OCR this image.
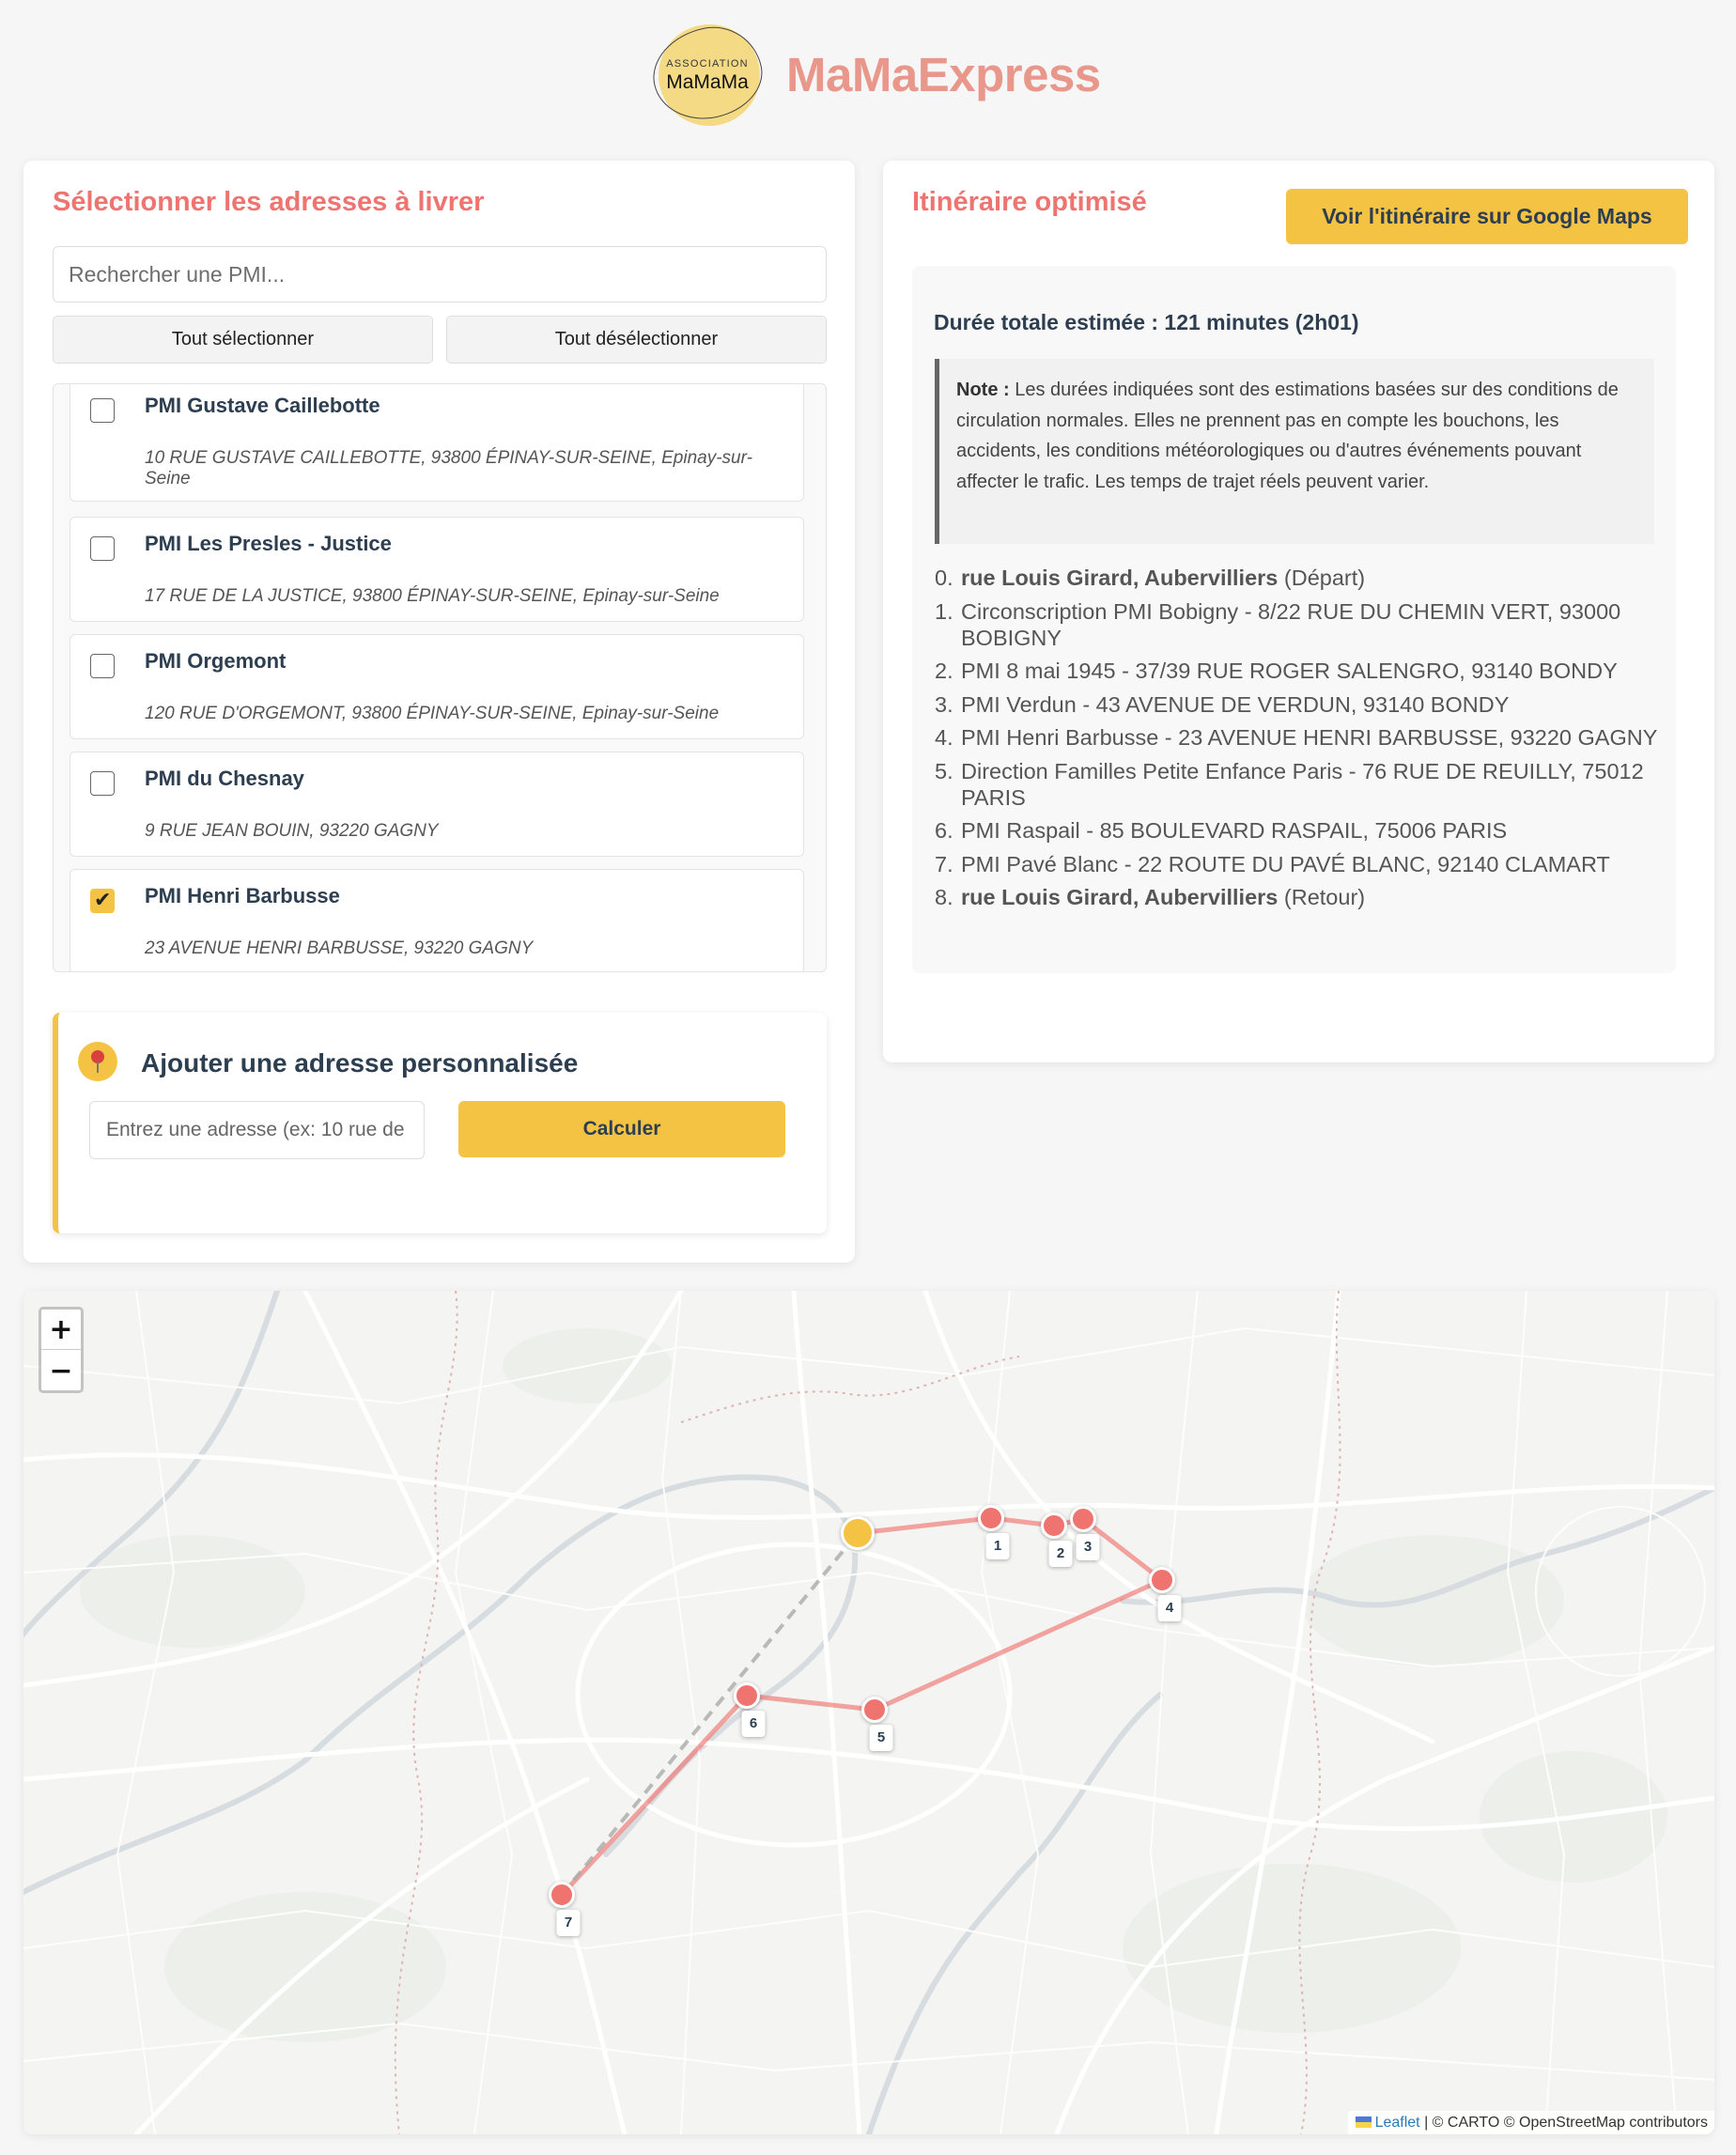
ASSOCIATION
MaMaMa MaMaExpress
Sélectionner les adresses à livrer
Rechercher une PMI...
Tout sélectionner	Tout désélectionner
PMI Gustave Caillebotte
10 RUE GUSTAVE CAILLEBOTTE, 93800 ÉPINAY-SUR-SEINE, Epinay-sur-Seine
PMI Les Presles - Justice
17 RUE DE LA JUSTICE, 93800 ÉPINAY-SUR-SEINE, Epinay-sur-Seine
PMI Orgemont
120 RUE D'ORGEMONT, 93800 ÉPINAY-SUR-SEINE, Epinay-sur-Seine
PMI du Chesnay
9 RUE JEAN BOUIN, 93220 GAGNY
✔
PMI Henri Barbusse
23 AVENUE HENRI BARBUSSE, 93220 GAGNY
Ajouter une adresse personnalisée
Entrez une adresse (ex: 10 rue de
Calculer
Itinéraire optimisé	Voir l'itinéraire sur Google Maps
Durée totale estimée : 121 minutes (2h01)
Note : Les durées indiquées sont des estimations basées sur des conditions de circulation normales. Elles ne prennent pas en compte les bouchons, les accidents, les conditions météorologiques ou d'autres événements pouvant affecter le trafic. Les temps de trajet réels peuvent varier.
0. rue Louis Girard, Aubervilliers (Départ)
1. Circonscription PMI Bobigny - 8/22 RUE DU CHEMIN VERT, 93000 BOBIGNY
2. PMI 8 mai 1945 - 37/39 RUE ROGER SALENGRO, 93140 BONDY
3. PMI Verdun - 43 AVENUE DE VERDUN, 93140 BONDY
4. PMI Henri Barbusse - 23 AVENUE HENRI BARBUSSE, 93220 GAGNY
5. Direction Familles Petite Enfance Paris - 76 RUE DE REUILLY, 75012 PARIS
6. PMI Raspail - 85 BOULEVARD RASPAIL, 75006 PARIS
7. PMI Pavé Blanc - 22 ROUTE DU PAVÉ BLANC, 92140 CLAMART
8. rue Louis Girard, Aubervilliers (Retour)
+
−
1	2	3
4
5
6
7
Leaflet | © CARTO © OpenStreetMap contributors
